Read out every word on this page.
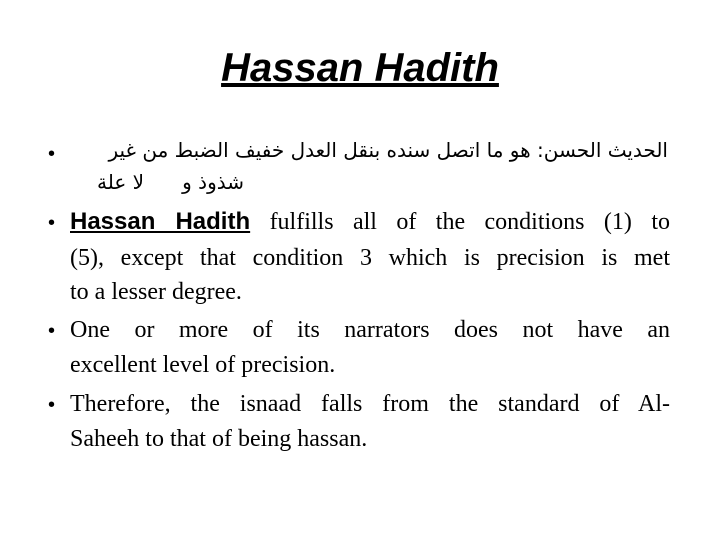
Hassan Hadith
•	الحديث الحسن: هو ما اتصل سنده بنقل العدل خفيف الضبط من غير
شذوذ و      لا علة
• Hassan Hadith fulfills all of the conditions (1) to
(5), except that condition 3 which is precision is met
to a lesser degree.
• One or more of its narrators does not have an
excellent level of precision.
• Therefore, the isnaad falls from the standard of Al-
Saheeh to that of being hassan.
